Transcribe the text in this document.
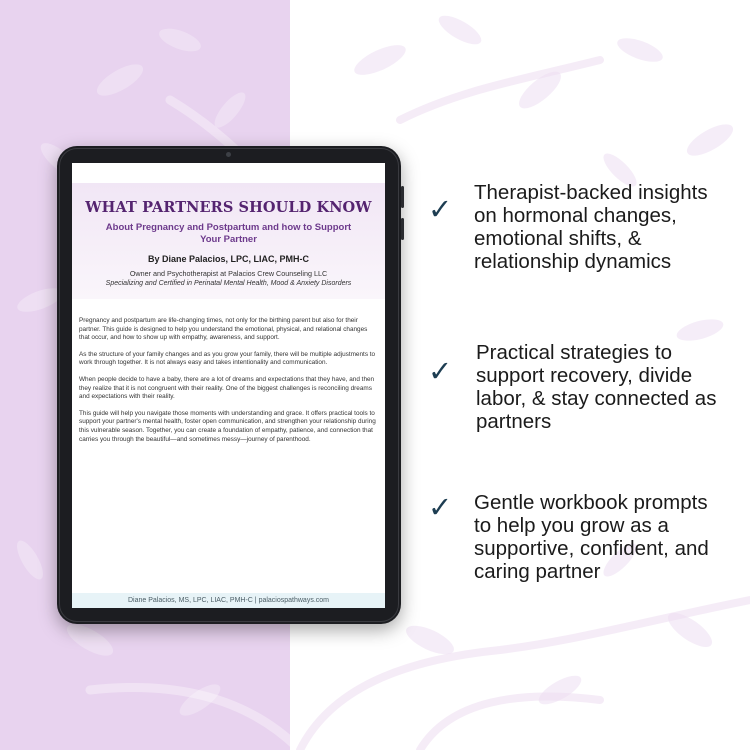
WHAT PARTNERS SHOULD KNOW
About Pregnancy and Postpartum and how to Support Your Partner
By Diane Palacios, LPC, LIAC, PMH-C
Owner and Psychotherapist at Palacios Crew Counseling LLC
Specializing and Certified in Perinatal Mental Health, Mood & Anxiety Disorders

Pregnancy and postpartum are life-changing times, not only for the birthing parent but also for their partner. This guide is designed to help you understand the emotional, physical, and relational changes that occur, and how to show up with empathy, awareness, and support.

As the structure of your family changes and as you grow your family, there will be multiple adjustments to work through together. It is not always easy and takes intentionality and communication.

When people decide to have a baby, there are a lot of dreams and expectations that they have, and then they realize that it is not congruent with their reality. One of the biggest challenges is reconciling dreams and expectations with their reality.

This guide will help you navigate those moments with understanding and grace. It offers practical tools to support your partner's mental health, foster open communication, and strengthen your relationship during this vulnerable season. Together, you can create a foundation of empathy, patience, and connection that carries you through the beautiful—and sometimes messy—journey of parenthood.

Diane Palacios, MS, LPC, LIAC, PMH-C | palaciospathways.com
✓	Therapist-backed insights on hormonal changes, emotional shifts, & relationship dynamics
✓
Practical strategies to support recovery, divide labor, & stay connected as partners
✓	Gentle workbook prompts to help you grow as a supportive, confident, and caring partner
